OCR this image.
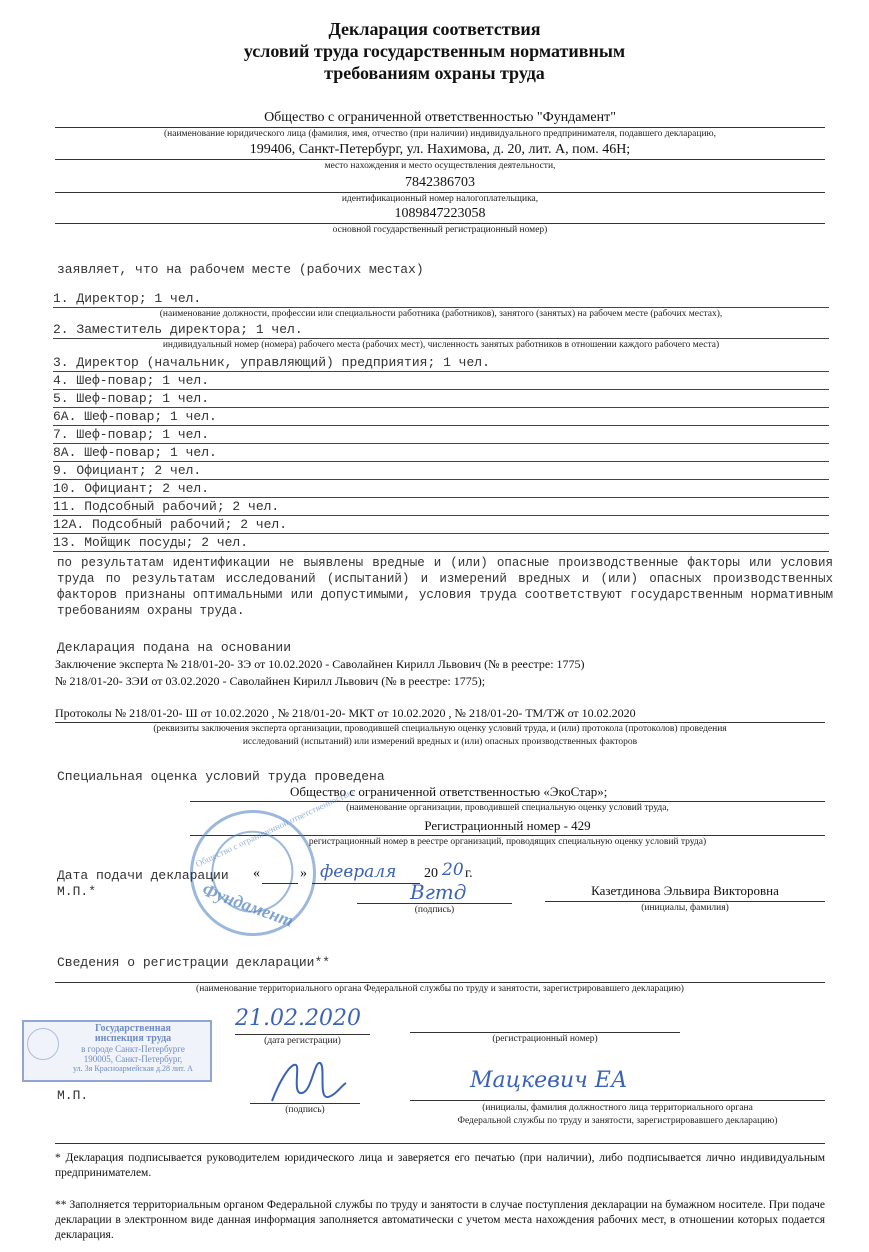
Декларация соответствия
условий труда государственным нормативным
требованиям охраны труда
Общество с ограниченной ответственностью "Фундамент"
(наименование юридического лица (фамилия, имя, отчество (при наличии) индивидуального предпринимателя, подавшего декларацию,
199406, Санкт-Петербург, ул. Нахимова, д. 20, лит. А, пом. 46Н;
место нахождения и место осуществления деятельности,
7842386703
идентификационный номер налогоплательщика,
1089847223058
основной государственный регистрационный номер)
заявляет, что на рабочем месте (рабочих местах)
1. Директор; 1 чел.
(наименование должности, профессии или специальности работника (работников), занятого (занятых) на рабочем месте (рабочих местах),
2. Заместитель директора; 1 чел.
индивидуальный номер (номера) рабочего места (рабочих мест), численность занятых работников в отношении каждого рабочего места)
3. Директор (начальник, управляющий) предприятия; 1 чел.
4. Шеф-повар; 1 чел.
5. Шеф-повар; 1 чел.
6А. Шеф-повар; 1 чел.
7. Шеф-повар; 1 чел.
8А. Шеф-повар; 1 чел.
9. Официант; 2 чел.
10. Официант; 2 чел.
11. Подсобный рабочий; 2 чел.
12А. Подсобный рабочий; 2 чел.
13. Мойщик посуды; 2 чел.
по результатам идентификации не выявлены вредные и (или) опасные производственные факторы или условия труда по результатам исследований (испытаний) и измерений вредных и (или) опасных производственных факторов признаны оптимальными или допустимыми, условия труда соответствуют государственным нормативным требованиям охраны труда.
Декларация подана на основании
Заключение эксперта № 218/01-20- ЗЭ от 10.02.2020 - Саволайнен Кирилл Львович (№ в реестре: 1775)
№ 218/01-20- ЗЭИ от 03.02.2020 - Саволайнен Кирилл Львович (№ в реестре: 1775);
Протоколы № 218/01-20- Ш от 10.02.2020 , № 218/01-20- МКТ от 10.02.2020 , № 218/01-20- ТМ/ТЖ от 10.02.2020
(реквизиты заключения эксперта организации, проводившей специальную оценку условий труда, и (или) протокола (протоколов) проведения
исследований (испытаний) или измерений вредных и (или) опасных производственных факторов
Специальная оценка условий труда проведена
Общество с ограниченной ответственностью «ЭкоСтар»;
(наименование организации, проводившей специальную оценку условий труда,
Регистрационный номер - 429
регистрационный номер в реестре организаций, проводящих специальную оценку условий труда)
Общество с ограниченной ответственностью
Фундамент
Дата подачи декларации «	» февраля 20 20 г.
М.П.*	Вгтд
(подпись)
Казетдинова Эльвира Викторовна
(инициалы, фамилия)
Сведения о регистрации декларации**
(наименование территориального органа Федеральной службы по труду и занятости, зарегистрировавшего декларацию)
Государственная
инспекция труда
в городе Санкт-Петербурге
190005, Санкт-Петербург,
ул. 3я Красноармейская д.28 лит. А
21.02.2020
(дата регистрации)	(регистрационный номер)
М.П.
(подпись)
Мацкевич ЕА
(инициалы, фамилия должностного лица территориального органа
Федеральной службы по труду и занятости, зарегистрировавшего декларацию)
* Декларация подписывается руководителем юридического лица и заверяется его печатью (при наличии), либо подписывается лично индивидуальным предпринимателем.
** Заполняется территориальным органом Федеральной службы по труду и занятости в случае поступления декларации на бумажном носителе. При подаче декларации в электронном виде данная информация заполняется автоматически с учетом места нахождения рабочих мест, в отношении которых подается декларация.
